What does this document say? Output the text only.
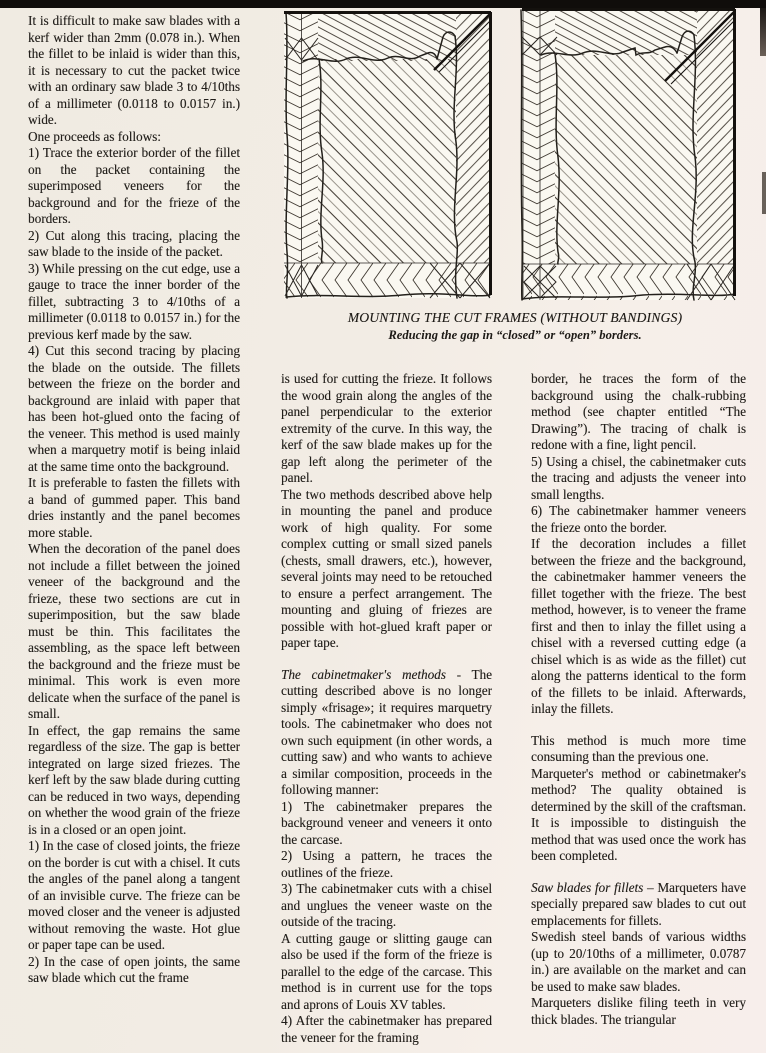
It is difficult to make saw blades with a kerf wider than 2mm (0.078 in.). When the fillet to be inlaid is wider than this, it is necessary to cut the packet twice with an ordinary saw blade 3 to 4/10ths of a millimeter (0.0118 to 0.0157 in.) wide.

One proceeds as follows:

1) Trace the exterior border of the fillet on the packet containing the superimposed veneers for the background and for the frieze of the borders.

2) Cut along this tracing, placing the saw blade to the inside of the packet.

3) While pressing on the cut edge, use a gauge to trace the inner border of the fillet, subtracting 3 to 4/10ths of a millimeter (0.0118 to 0.0157 in.) for the previous kerf made by the saw.

4) Cut this second tracing by placing the blade on the outside. The fillets between the frieze on the border and background are inlaid with paper that has been hot-glued onto the facing of the veneer. This method is used mainly when a marquetry motif is being inlaid at the same time onto the background.

It is preferable to fasten the fillets with a band of gummed paper. This band dries instantly and the panel becomes more stable.

When the decoration of the panel does not include a fillet between the joined veneer of the background and the frieze, these two sections are cut in superimposition, but the saw blade must be thin. This facilitates the assembling, as the space left between the background and the frieze must be minimal. This work is even more delicate when the surface of the panel is small.

In effect, the gap remains the same regardless of the size. The gap is better integrated on large sized friezes. The kerf left by the saw blade during cutting can be reduced in two ways, depending on whether the wood grain of the frieze is in a closed or an open joint.

1) In the case of closed joints, the frieze on the border is cut with a chisel. It cuts the angles of the panel along a tangent of an invisible curve. The frieze can be moved closer and the veneer is adjusted without removing the waste. Hot glue or paper tape can be used.

2) In the case of open joints, the same saw blade which cut the frame

MOUNTING THE CUT FRAMES (WITHOUT BANDINGS)
Reducing the gap in “closed” or “open” borders.

is used for cutting the frieze. It follows the wood grain along the angles of the panel perpendicular to the exterior extremity of the curve. In this way, the kerf of the saw blade makes up for the gap left along the perimeter of the panel.

The two methods described above help in mounting the panel and produce work of high quality. For some complex cutting or small sized panels (chests, small drawers, etc.), however, several joints may need to be retouched to ensure a perfect arrangement. The mounting and gluing of friezes are possible with hot-glued kraft paper or paper tape.

The cabinetmaker's methods - The cutting described above is no longer simply «frisage»; it requires marquetry tools. The cabinetmaker who does not own such equipment (in other words, a cutting saw) and who wants to achieve a similar composition, proceeds in the following manner:

1) The cabinetmaker prepares the background veneer and veneers it onto the carcase.

2) Using a pattern, he traces the outlines of the frieze.

3) The cabinetmaker cuts with a chisel and unglues the veneer waste on the outside of the tracing.

A cutting gauge or slitting gauge can also be used if the form of the frieze is parallel to the edge of the carcase. This method is in current use for the tops and aprons of Louis XV tables.

4) After the cabinetmaker has prepared the veneer for the framing

border, he traces the form of the background using the chalk-rubbing method (see chapter entitled “The Drawing”). The tracing of chalk is redone with a fine, light pencil.

5) Using a chisel, the cabinetmaker cuts the tracing and adjusts the veneer into small lengths.

6) The cabinetmaker hammer veneers the frieze onto the border.

If the decoration includes a fillet between the frieze and the background, the cabinetmaker hammer veneers the fillet together with the frieze. The best method, however, is to veneer the frame first and then to inlay the fillet using a chisel with a reversed cutting edge (a chisel which is as wide as the fillet) cut along the patterns identical to the form of the fillets to be inlaid. Afterwards, inlay the fillets.

This method is much more time consuming than the previous one.

Marqueter's method or cabinetmaker's method? The quality obtained is determined by the skill of the craftsman. It is impossible to distinguish the method that was used once the work has been completed.

Saw blades for fillets – Marqueters have specially prepared saw blades to cut out emplacements for fillets.

Swedish steel bands of various widths (up to 20/10ths of a millimeter, 0.0787 in.) are available on the market and can be used to make saw blades.

Marqueters dislike filing teeth in very thick blades. The triangular
